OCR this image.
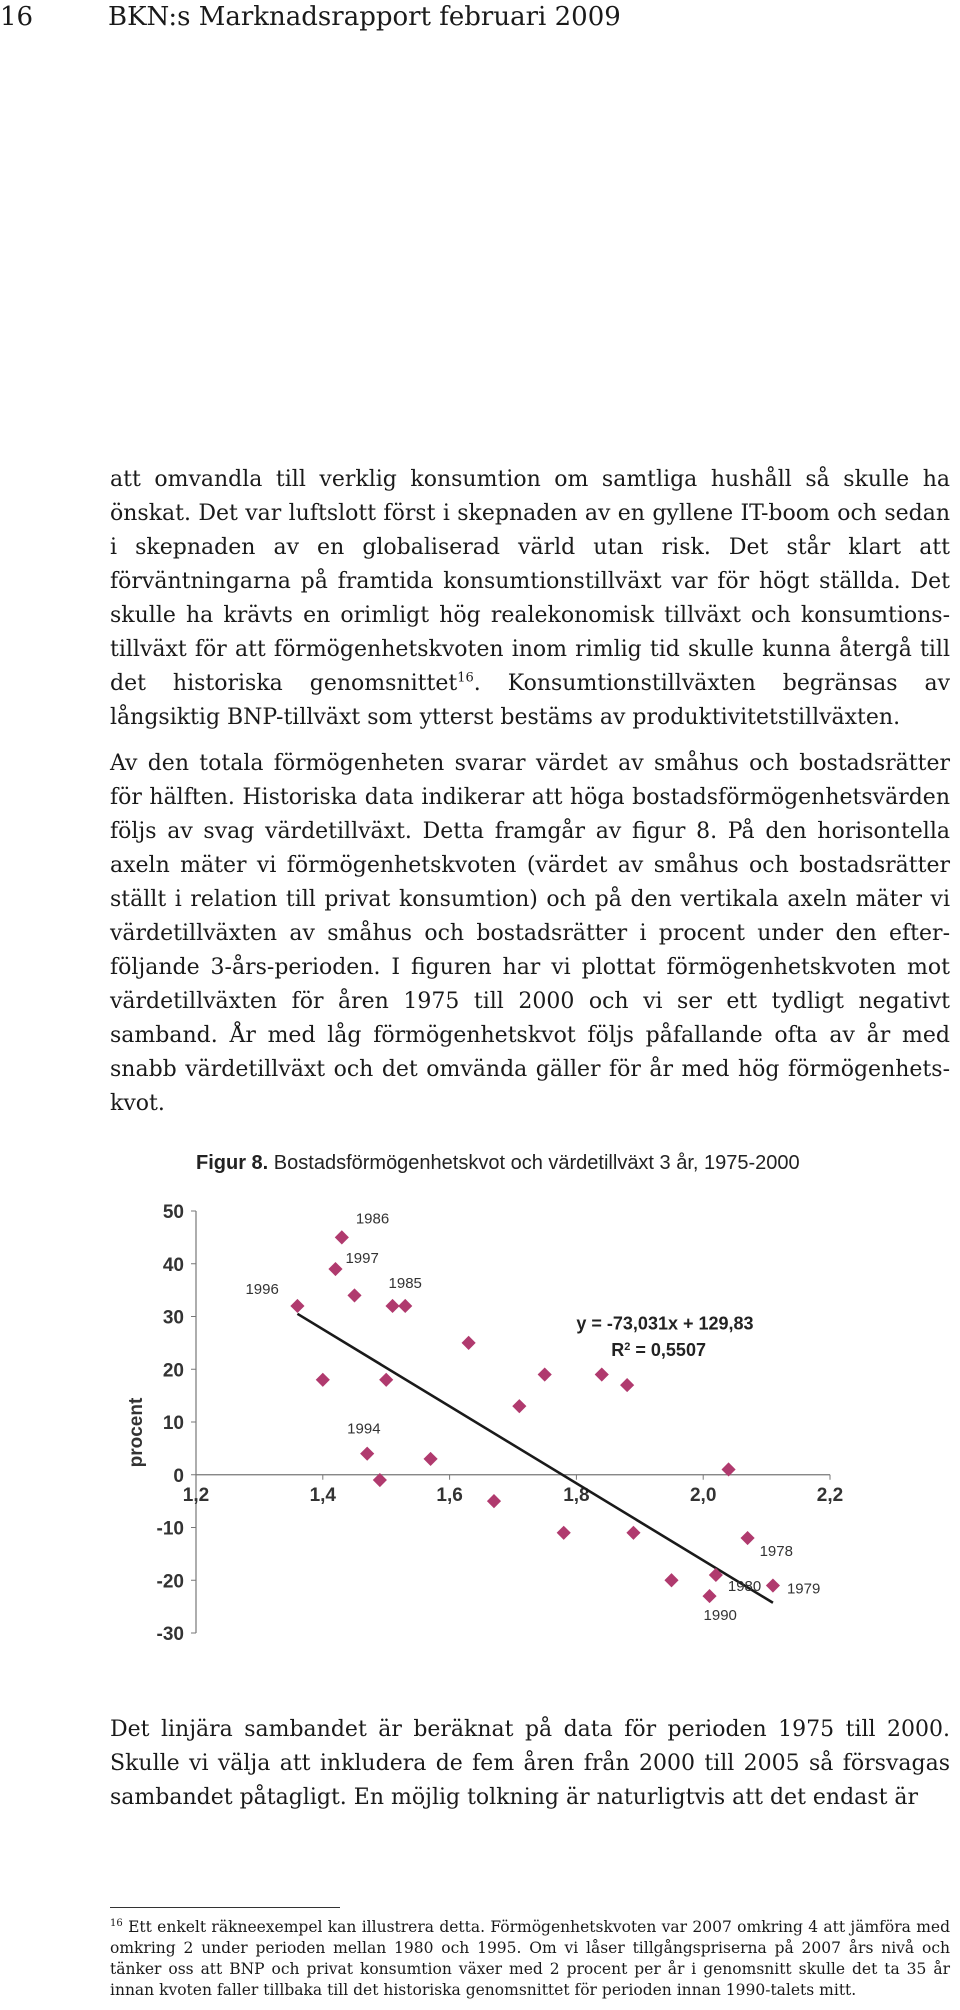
16	BKN:s Marknadsrapport februari 2009

att omvandla till verklig konsumtion om samtliga hushåll så skulle ha önskat. Det var luftslott först i skepnaden av en gyllene IT-boom och sedan i skepnaden av en globaliserad värld utan risk. Det står klart att förväntningarna på framtida konsumtionstillväxt var för högt ställda. Det skulle ha krävts en orimligt hög realekonomisk tillväxt och konsumtionstillväxt för att förmögenhetskvoten inom rimlig tid skulle kunna återgå till det historiska genomsnittet$^{16}$. Konsumtionstillväxten begränsas av långsiktig BNP-tillväxt som ytterst bestäms av produktivitetstillväxten.

Av den totala förmögenheten svarar värdet av småhus och bostadsrätter för hälften. Historiska data indikerar att höga bostadsförmögenhetsvärden följs av svag värdetillväxt. Detta framgår av figur 8. På den horisontella axeln mäter vi förmögenhetskvoten (värdet av småhus och bostadsrätter ställt i relation till privat konsumtion) och på den vertikala axeln mäter vi värdetillväxten av småhus och bostadsrätter i procent under den efterföljande 3-års-perioden. I figuren har vi plottat förmögenhetskvoten mot värdetillväxten för åren 1975 till 2000 och vi ser ett tydligt negativt samband. År med låg förmögenhetskvot följs påfallande ofta av år med snabb värdetillväxt och det omvända gäller för år med hög förmögenhetskvot.

Figur 8. Bostadsförmögenhetskvot och värdetillväxt 3 år, 1975-2000
50
40
30
20
10
0
-10
-20
-30
1,2	1,4	1,6	1,8	2,0	2,2
procent
y = -73,031x + 129,83
$R^2 = 0,5507$
1996
1997
1986
1994
1985
1990
1980
1978
1979

Det linjära sambandet är beräknat på data för perioden 1975 till 2000. Skulle vi välja att inkludera de fem åren från 2000 till 2005 så försvagas sambandet påtagligt. En möjlig tolkning är naturligtvis att det endast är

$^{16}$ Ett enkelt räkneexempel kan illustrera detta. Förmögenhetskvoten var 2007 omkring 4 att jämföra med omkring 2 under perioden mellan 1980 och 1995. Om vi låser tillgångspriserna på 2007 års nivå och tänker oss att BNP och privat konsumtion växer med 2 procent per år i genomsnitt skulle det ta 35 år innan kvoten faller tillbaka till det historiska genomsnittet för perioden innan 1990-talets mitt.
